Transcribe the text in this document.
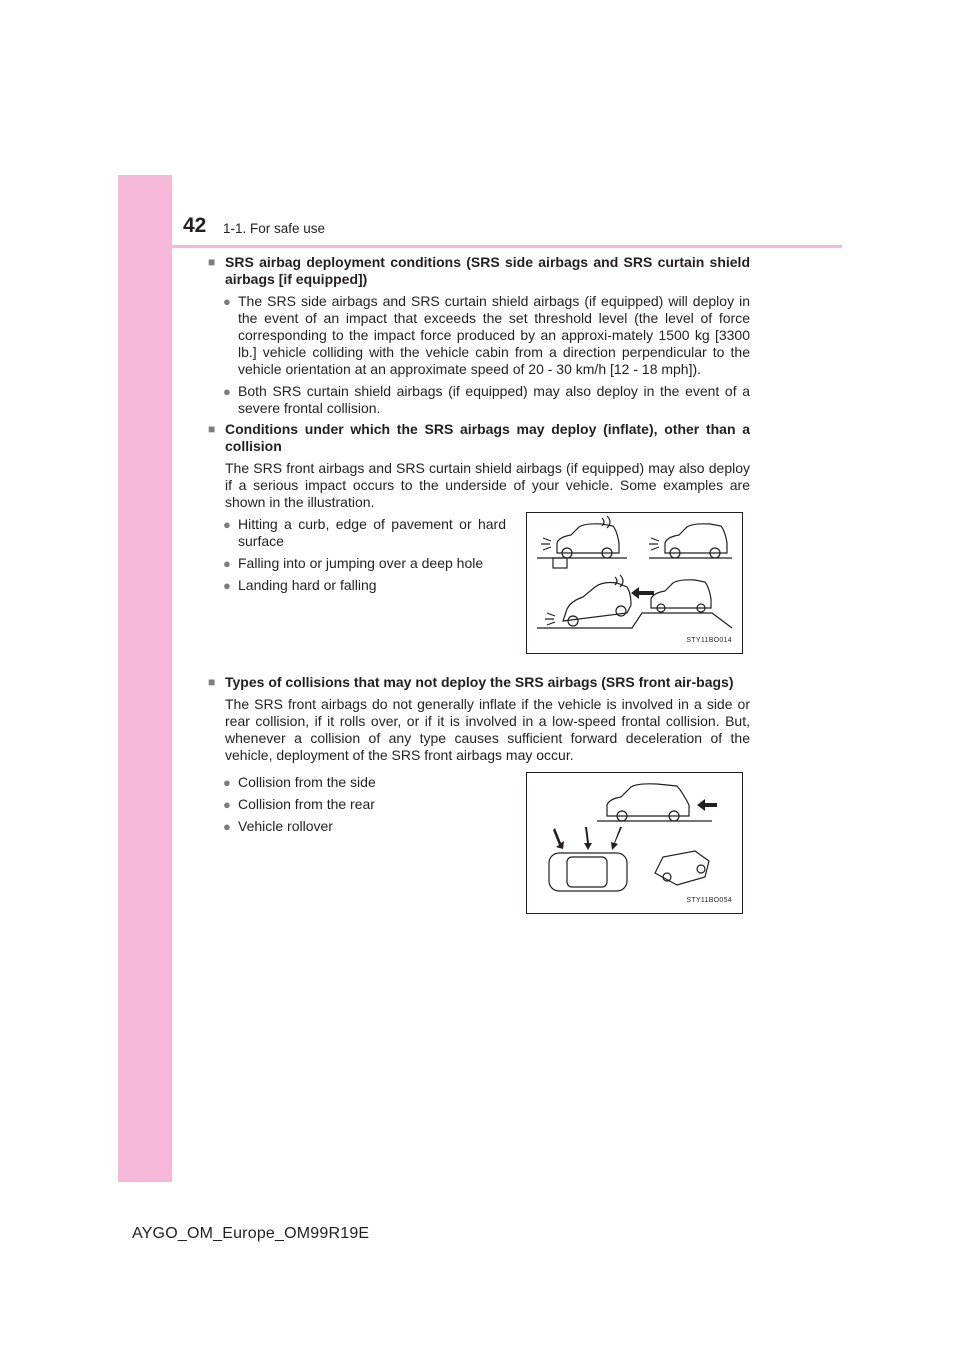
42 1-1. For safe use
■ SRS airbag deployment conditions (SRS side airbags and SRS curtain shield airbags [if equipped])
● The SRS side airbags and SRS curtain shield airbags (if equipped) will deploy in the event of an impact that exceeds the set threshold level (the level of force corresponding to the impact force produced by an approxi-mately 1500 kg [3300 lb.] vehicle colliding with the vehicle cabin from a direction perpendicular to the vehicle orientation at an approximate speed of 20 - 30 km/h [12 - 18 mph]).
● Both SRS curtain shield airbags (if equipped) may also deploy in the event of a severe frontal collision.
■ Conditions under which the SRS airbags may deploy (inflate), other than a collision
The SRS front airbags and SRS curtain shield airbags (if equipped) may also deploy if a serious impact occurs to the underside of your vehicle. Some examples are shown in the illustration.
● Hitting a curb, edge of pavement or hard surface
● Falling into or jumping over a deep hole
● Landing hard or falling
STY11BO014
■ Types of collisions that may not deploy the SRS airbags (SRS front air-bags)
The SRS front airbags do not generally inflate if the vehicle is involved in a side or rear collision, if it rolls over, or if it is involved in a low-speed frontal collision. But, whenever a collision of any type causes sufficient forward deceleration of the vehicle, deployment of the SRS front airbags may occur.
● Collision from the side
● Collision from the rear
● Vehicle rollover
STY11BO054
AYGO_OM_Europe_OM99R19E
